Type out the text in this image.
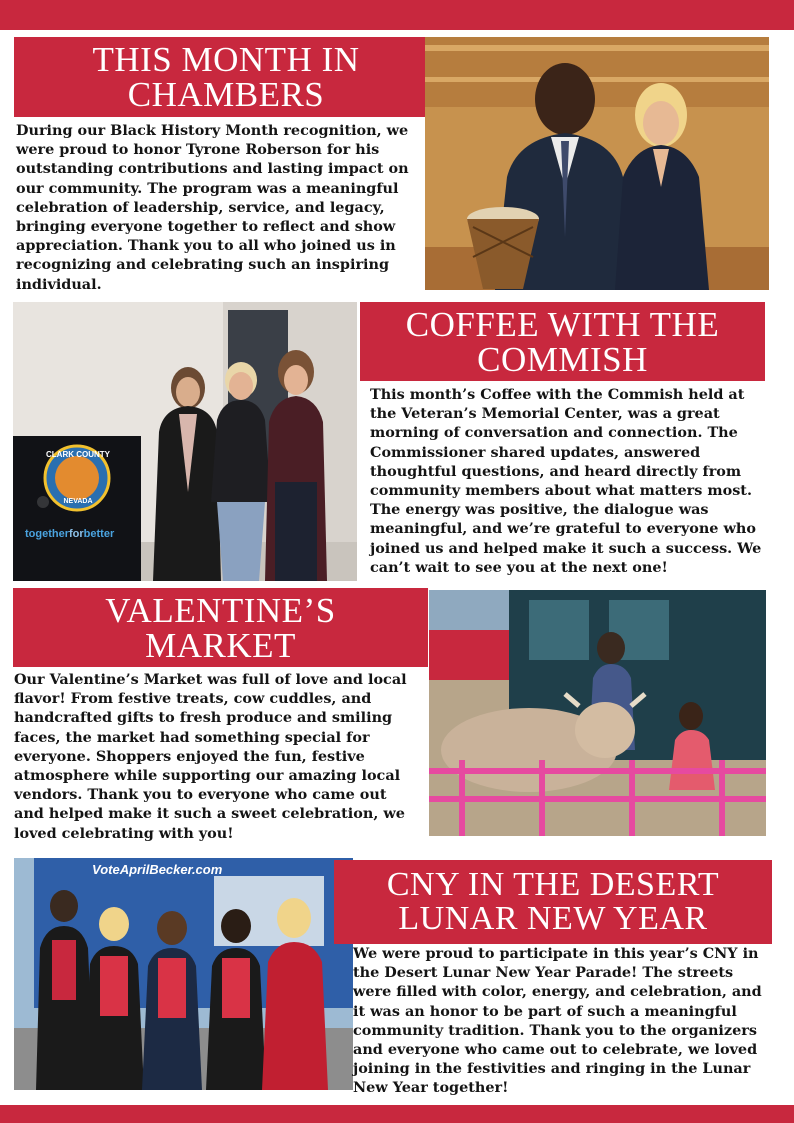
THIS MONTH IN
CHAMBERS

During our Black History Month recognition, we were proud to honor Tyrone Roberson for his outstanding contributions and lasting impact on our community. The program was a meaningful celebration of leadership, service, and legacy, bringing everyone together to reflect and show appreciation. Thank you to all who joined us in recognizing and celebrating such an inspiring individual.

CLARK COUNTY
NEVADA
togetherforbetter
COFFEE WITH THE
COMMISH

This month’s Coffee with the Commish held at the Veteran’s Memorial Center, was a great morning of conversation and connection. The Commissioner shared updates, answered thoughtful questions, and heard directly from community members about what matters most. The energy was positive, the dialogue was meaningful, and we’re grateful to everyone who joined us and helped make it such a success. We can’t wait to see you at the next one!

VALENTINE’S
MARKET

Our Valentine’s Market was full of love and local flavor! From festive treats, cow cuddles, and handcrafted gifts to fresh produce and smiling faces, the market had something special for everyone. Shoppers enjoyed the fun, festive atmosphere while supporting our amazing local vendors. Thank you to everyone who came out and helped make it such a sweet celebration, we loved celebrating with you!

VoteAprilBecker.com	CNY IN THE DESERT
LUNAR NEW YEAR

We were proud to participate in this year’s CNY in the Desert Lunar New Year Parade! The streets were filled with color, energy, and celebration, and it was an honor to be part of such a meaningful community tradition. Thank you to the organizers and everyone who came out to celebrate, we loved joining in the festivities and ringing in the Lunar New Year together!
